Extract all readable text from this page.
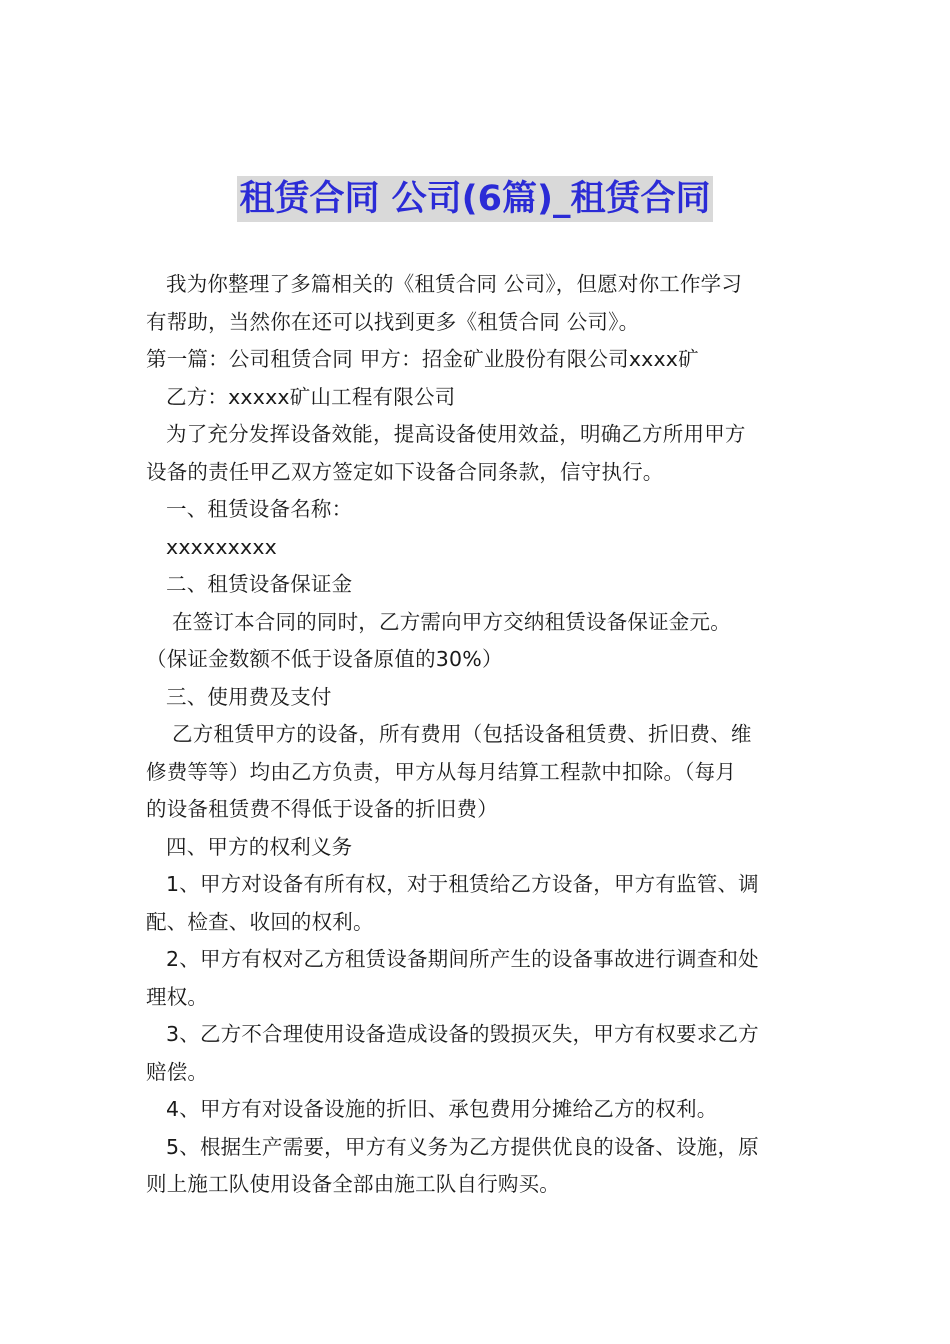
租赁合同 公司(6篇)_租赁合同

我为你整理了多篇相关的《租赁合同 公司》，但愿对你工作学习

有帮助，当然你在还可以找到更多《租赁合同 公司》。

第一篇：公司租赁合同 甲方：招金矿业股份有限公司xxxx矿

乙方：xxxxx矿山工程有限公司

为了充分发挥设备效能，提高设备使用效益，明确乙方所用甲方

设备的责任甲乙双方签定如下设备合同条款，信守执行。

一、租赁设备名称：

xxxxxxxxx

二、租赁设备保证金

在签订本合同的同时，乙方需向甲方交纳租赁设备保证金元。

（保证金数额不低于设备原值的30%）

三、使用费及支付

乙方租赁甲方的设备，所有费用（包括设备租赁费、折旧费、维

修费等等）均由乙方负责，甲方从每月结算工程款中扣除。（每月

的设备租赁费不得低于设备的折旧费）

四、甲方的权利义务

1、甲方对设备有所有权，对于租赁给乙方设备，甲方有监管、调

配、检查、收回的权利。

2、甲方有权对乙方租赁设备期间所产生的设备事故进行调查和处

理权。

3、乙方不合理使用设备造成设备的毁损灭失，甲方有权要求乙方

赔偿。

4、甲方有对设备设施的折旧、承包费用分摊给乙方的权利。

5、根据生产需要，甲方有义务为乙方提供优良的设备、设施，原

则上施工队使用设备全部由施工队自行购买。
